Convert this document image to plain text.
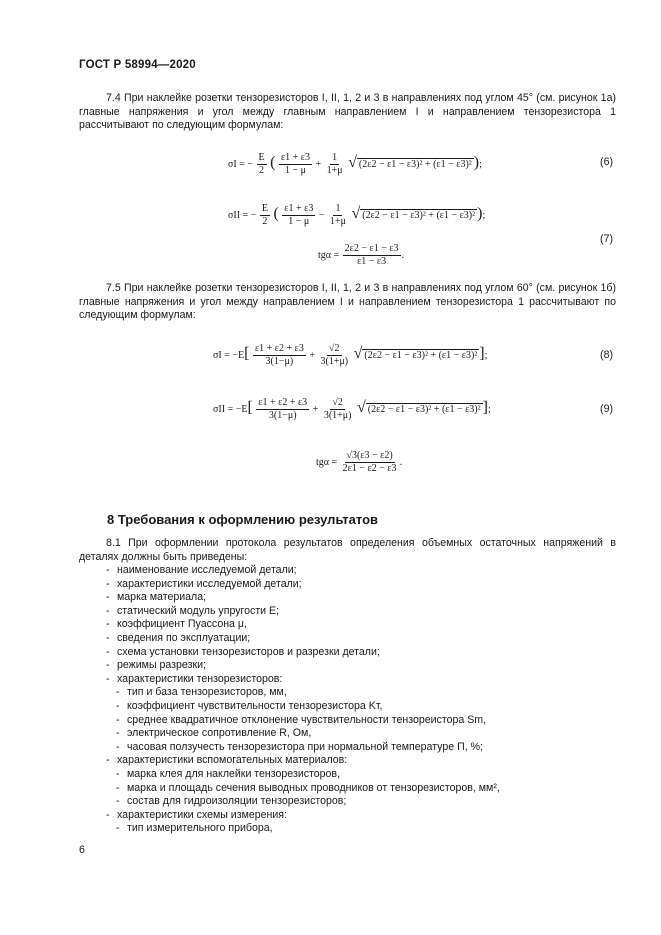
ГОСТ Р 58994—2020
7.4 При наклейке розетки тензорезисторов I, II, 1, 2 и 3 в направлениях под углом 45° (см. рисунок 1а) главные напряжения и угол между главным направлением I и направлением тензорезистора 1 рассчитывают по следующим формулам:
σI = − $\frac{E}{2}$ ( $\frac{\varepsilon 1 + \varepsilon 3}{1 - \mu} + \frac{1}{1+\mu}$ √ (2ε2 − ε1 − ε3)² + (ε1 − ε3)² );	(6)
σII = − $\frac{E}{2}$ ( $\frac{\varepsilon 1 + \varepsilon 3}{1 - \mu} - \frac{1}{1+\mu}$ √ (2ε2 − ε1 − ε3)² + (ε1 − ε3)² );
(7)
$tg\alpha = \frac{2\varepsilon 2 - \varepsilon 1 - \varepsilon 3}{\varepsilon 1 - \varepsilon 3}$ .
7.5 При наклейке розетки тензорезисторов I, II, 1, 2 и 3 в направлениях под углом 60° (см. рисунок 1б) главные напряжения и угол между направлением I и направлением тензорезистора 1 рассчитывают по следующим формулам:
$\sigma I = -E[ \frac{\varepsilon 1 + \varepsilon 2 + \varepsilon 3}{3(1-\mu)} + \frac{√2}{3(1+\mu)}$ √ (2ε2 − ε1 − ε3)² + (ε1 − ε3)² ];	(8)
$\sigma II = -E[ \frac{\varepsilon 1 + \varepsilon 2 + \varepsilon 3}{3(1-\mu)} + \frac{√2}{3(1+\mu)}$ √ (2ε2 − ε1 − ε3)² + (ε1 − ε3)² ];	(9)
$tg\alpha = \frac{√3(\varepsilon 3 - \varepsilon 2)}{2\varepsilon 1 - \varepsilon 2 - \varepsilon 3}$ .
8 Требования к оформлению результатов
8.1 При оформлении протокола результатов определения объемных остаточных напряжений в деталях должны быть приведены:
- наименование исследуемой детали;
- характеристики исследуемой детали;
- марка материала;
- статический модуль упругости Е;
- коэффициент Пуассона μ,
- сведения по эксплуатации;
- схема установки тензорезисторов и разрезки детали;
- режимы разрезки;
- характеристики тензорезисторов:
- тип и база тензорезисторов, мм,
- коэффициент чувствительности тензорезистора Kт,
- среднее квадратичное отклонение чувствительности тензореистора Sm,
- электрическое сопротивление R, Ом,
- часовая ползучесть тензорезистора при нормальной температуре П, %;
- характеристики вспомогательных материалов:
- марка клея для наклейки тензорезисторов,
- марка и площадь сечения выводных проводников от тензорезисторов, мм²,
- состав для гидроизоляции тензорезисторов;
- характеристики схемы измерения:
- тип измерительного прибора,
6
